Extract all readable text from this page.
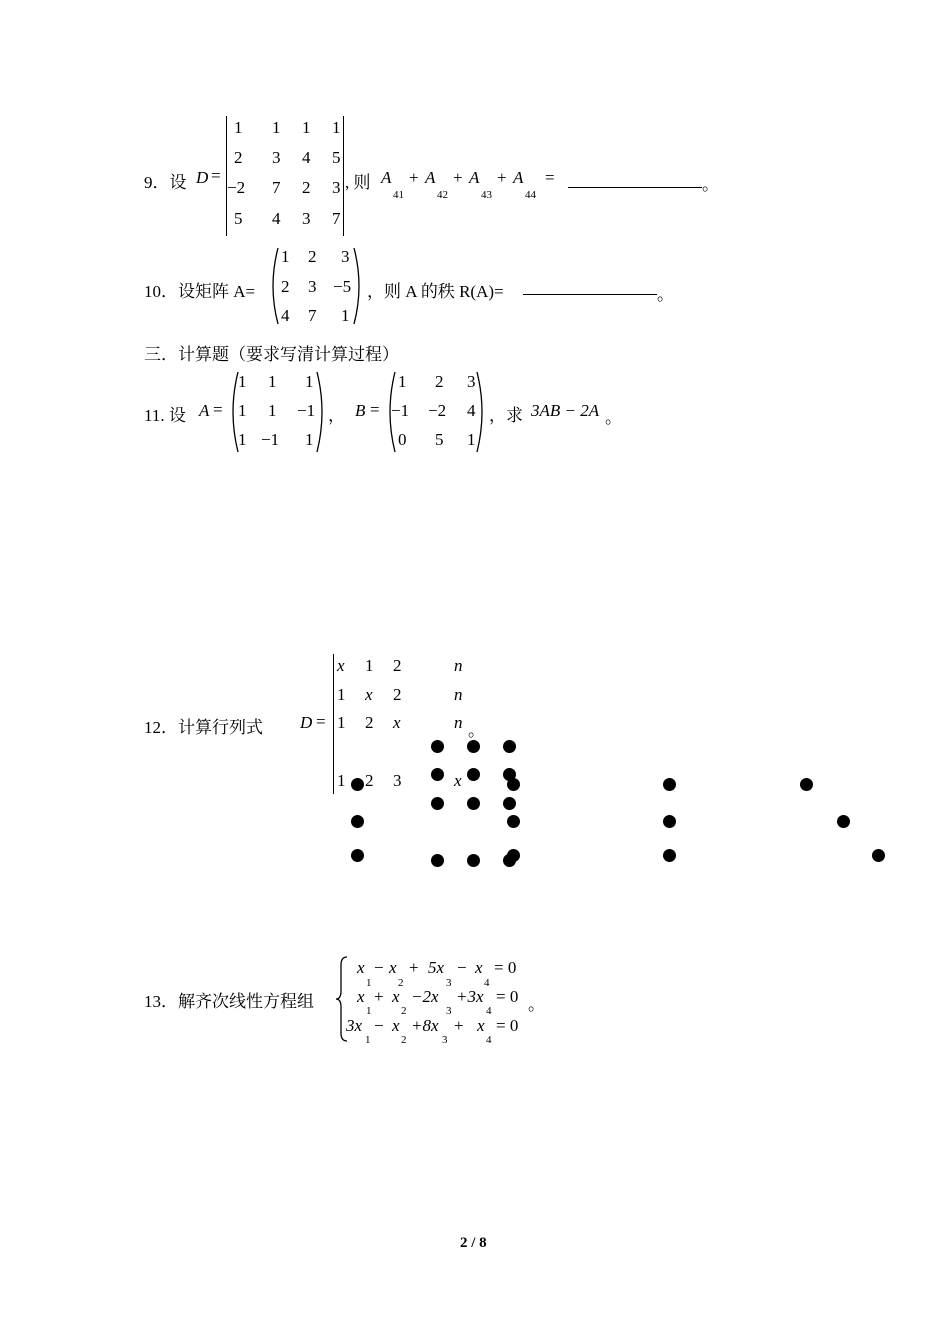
9．设 D =
1 1 1 1
2 3 4 5
−2 7 2 3
5 4 3 7
, 则 A
41
+ A
42
+ A
43
+ A
44
=	。
10．设矩阵 A=
1 2 3
2 3 −5
4 7 1
，则 A 的秩 R(A)=	。
三．计算题（要求写清计算过程）
11. 设 A =
1 1 1
1 1 −1
1 −1 1
， B =
1 2 3
−1 −2 4
0 5 1
，求 3AB − 2A 。
12．计算行列式 D =
x 1 2	n
1 x 2	n
1 2 x	n
1 2 3	x
。
13．解齐次线性方程组
x
1
− x
2
+ 5x
3
− x
4
= 0
x
1
+ x
2
−2x
3
+3x
4
= 0
3x
1
− x
2
+8x
3
+ x
4
= 0
。
2 / 8
